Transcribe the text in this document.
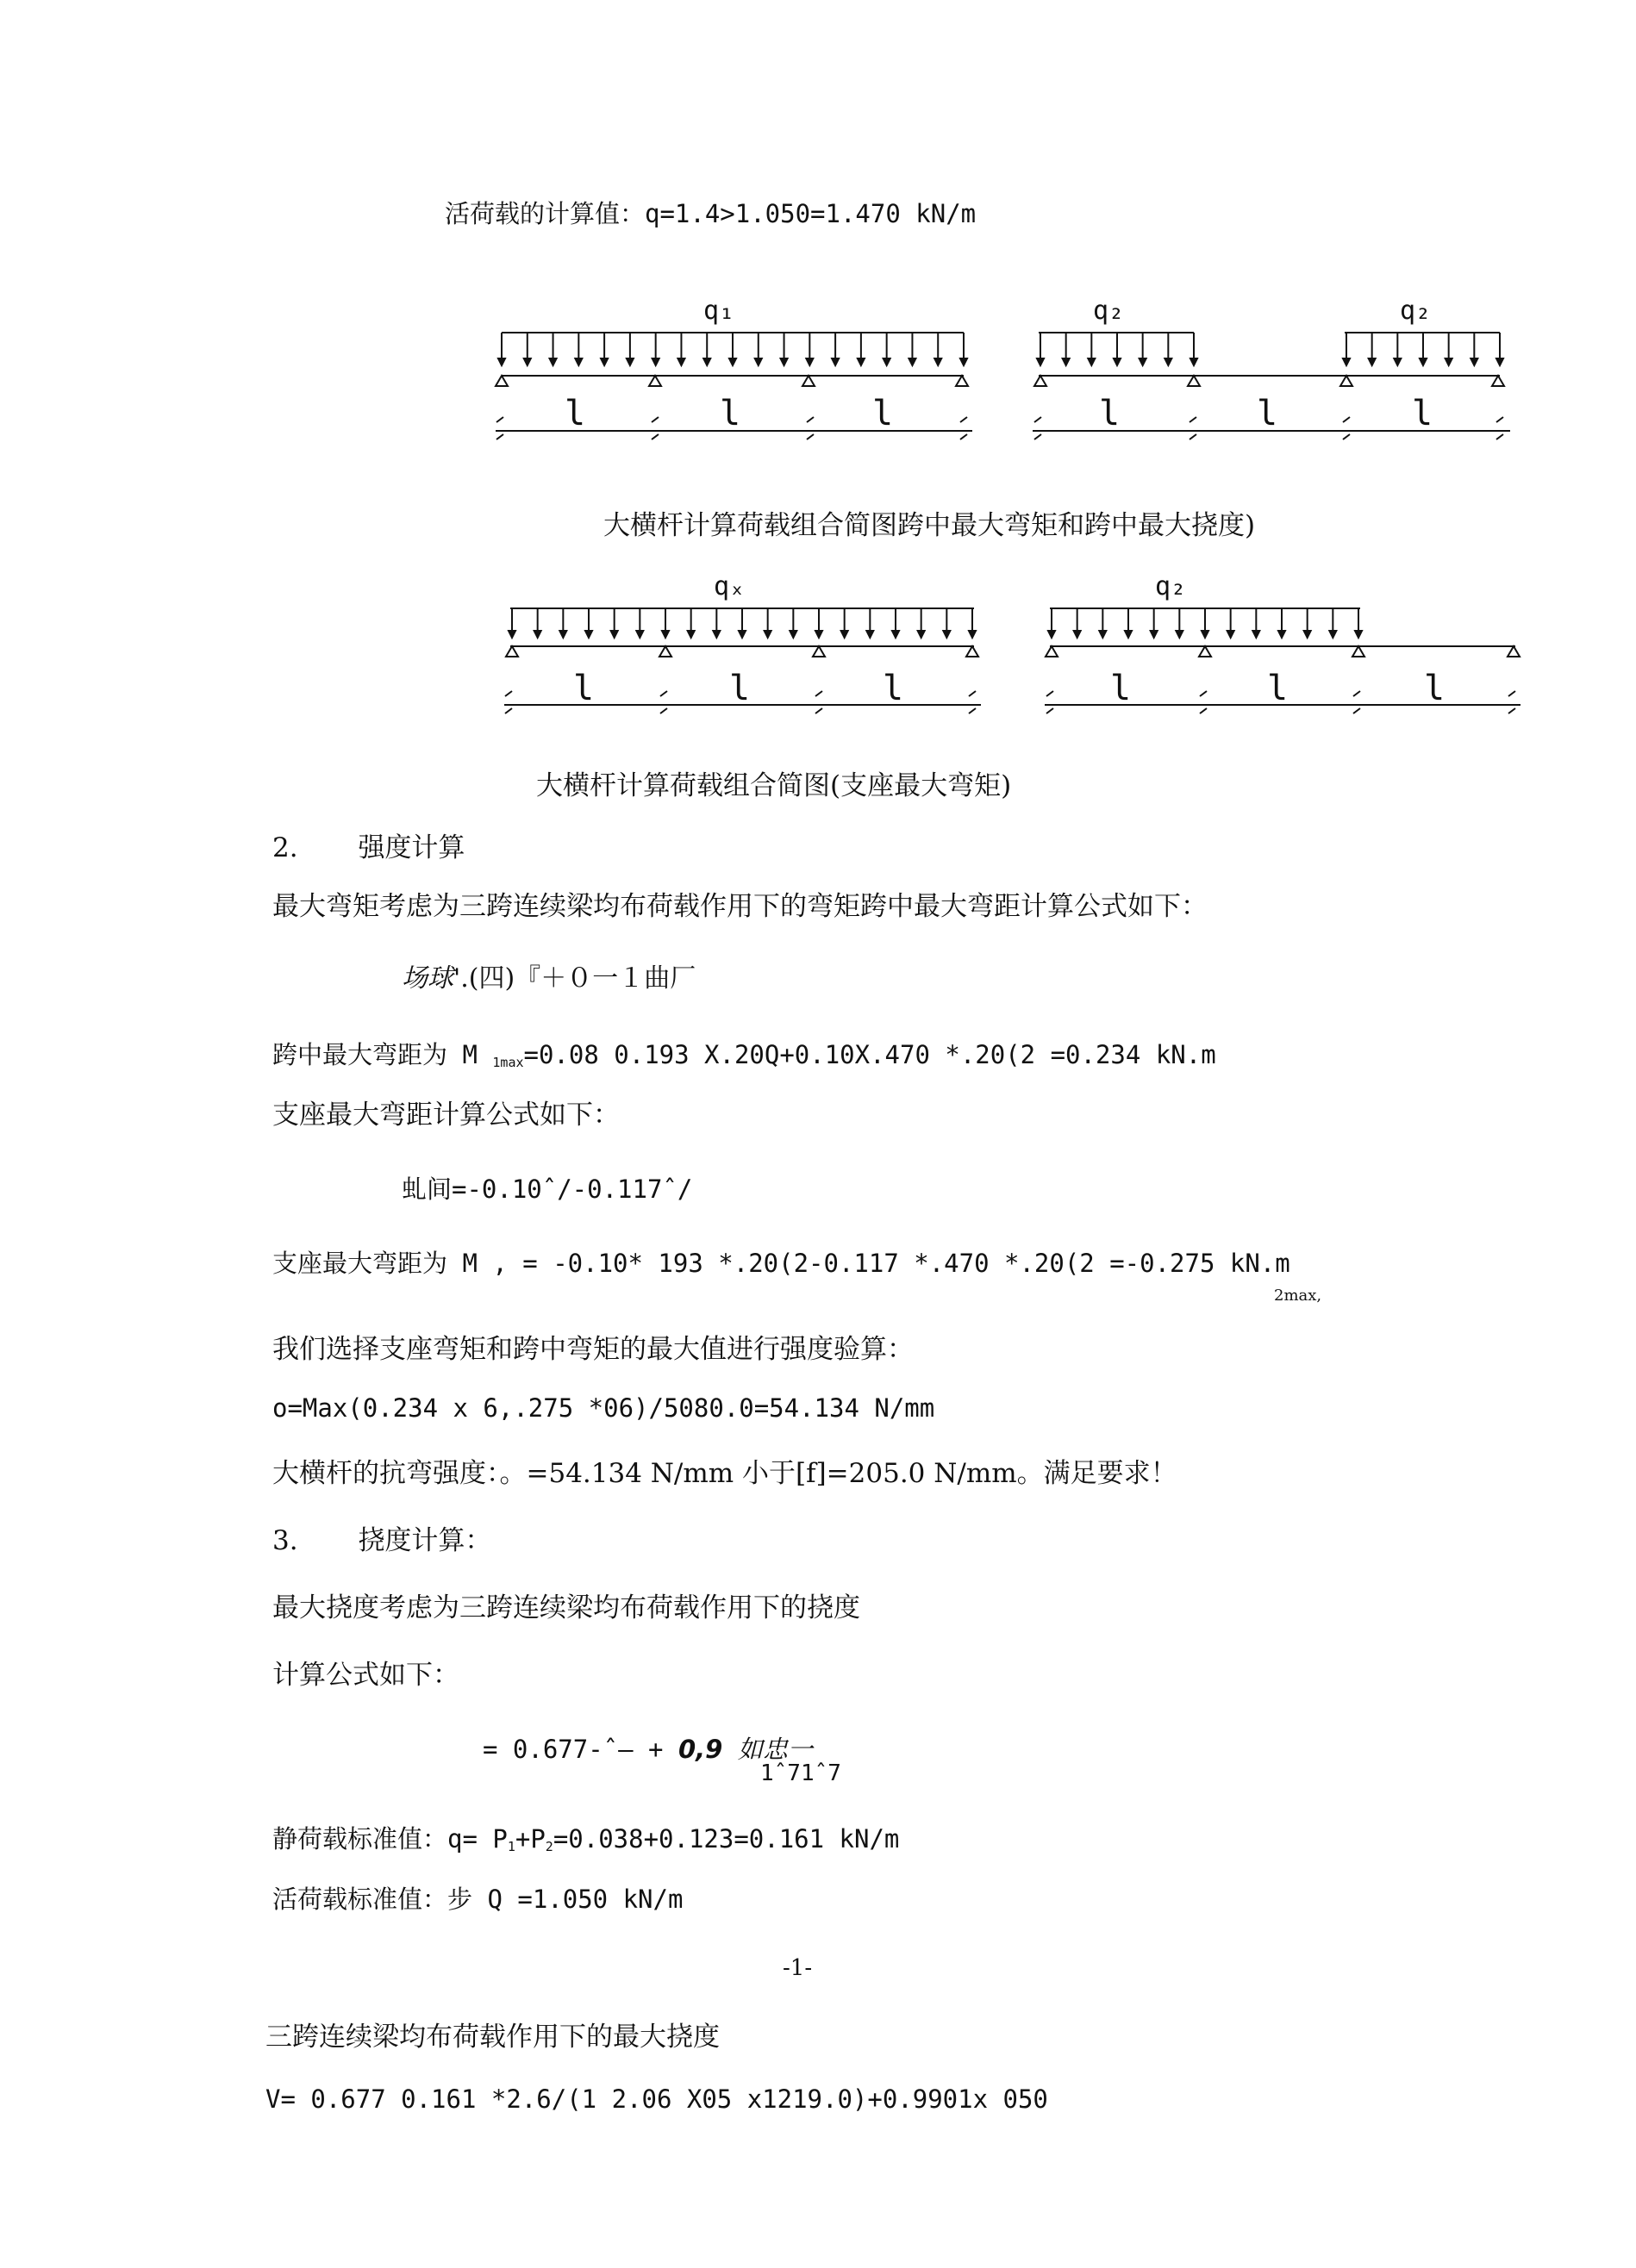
活荷载的计算值：q=1.4>1.050=1.470 kN/m
q₁
l	l	l
q₂	q₂
l	l	l
qₓ
l	l	l
q₂
l	l	l
大横杆计算荷载组合简图跨中最大弯矩和跨中最大挠度)
大横杆计算荷载组合简图(支座最大弯矩)
2. 强度计算
最大弯矩考虑为三跨连续梁均布荷载作用下的弯矩跨中最大弯距计算公式如下：
场球'.(四)『＋０一１曲厂
跨中最大弯距为 M $_{1max}$=0.08 0.193 X.20Q+0.10X.470 *.20(2 =0.234 kN.m
支座最大弯距计算公式如下：
虬间=-0.10ˆ/-0.117ˆ/
支座最大弯距为 M , = -0.10* 193 *.20(2-0.117 *.470 *.20(2 =-0.275 kN.m
2max,
我们选择支座弯矩和跨中弯矩的最大值进行强度验算：
o=Max(0.234 x 6,.275 *06)/5080.0=54.134 N/mm
大横杆的抗弯强度：。=54.134 N/mm 小于[f]=205.0 N/mm。满足要求！
3. 挠度计算：
最大挠度考虑为三跨连续梁均布荷载作用下的挠度
计算公式如下：
= 0.677-ˆ— + 0,9 如忠一
1ˆ71ˆ7
静荷载标准值：$q= P_1+P_2=0.038+0.123=0.161$ kN/m
活荷载标准值：步 Q =1.050 kN/m
-1-
三跨连续梁均布荷载作用下的最大挠度
V= 0.677 0.161 *2.6/(1 2.06 X05 x1219.0)+0.9901x 050
